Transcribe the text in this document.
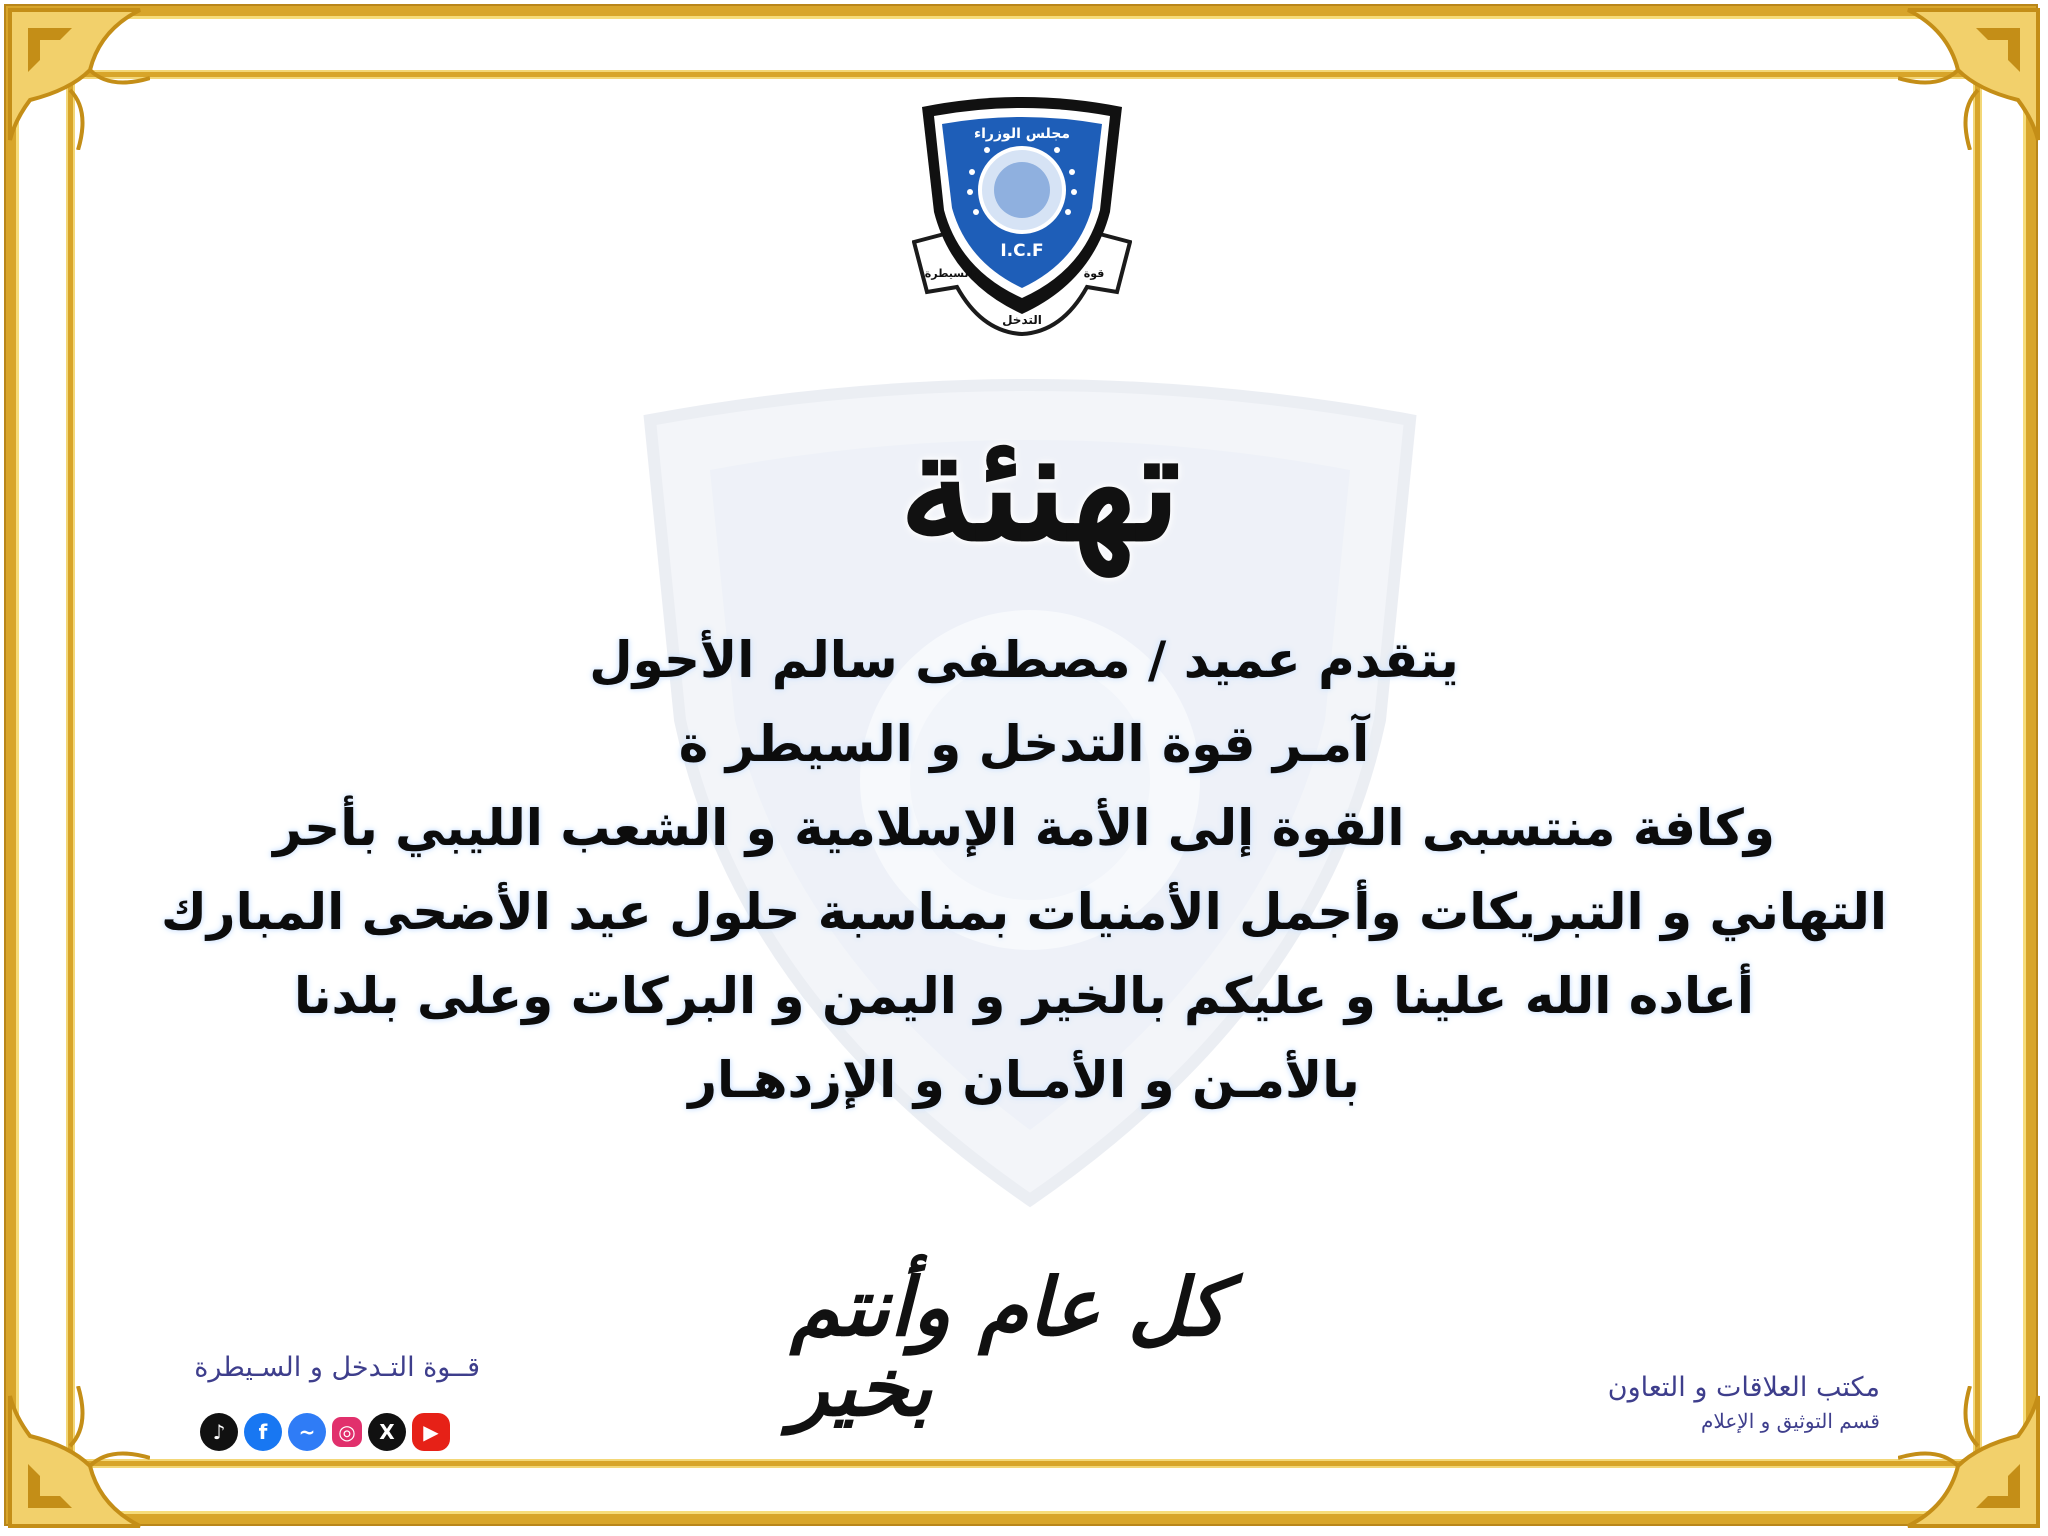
مجلس الوزراء
I.C.F
والسيطرة
التدخل
قوة
تهنئة
يتقدم عميد / مصطفى سالم الأحول
آمـر قوة التدخل و السيطر ة
وكافة منتسبى القوة إلى الأمة الإسلامية و الشعب الليبي بأحر
التهاني و التبريكات وأجمل الأمنيات بمناسبة حلول عيد الأضحى المبارك
أعاده الله علينا و عليكم بالخير و اليمن و البركات وعلى بلدنا
بالأمـن و الأمـان و الإزدهـار
كل عام وأنتم بخير
قــوة التـدخل و السـيطرة
♪	f	~	◎	X	▶
مكتب العلاقات و التعاون
قسم التوثيق و الإعلام
